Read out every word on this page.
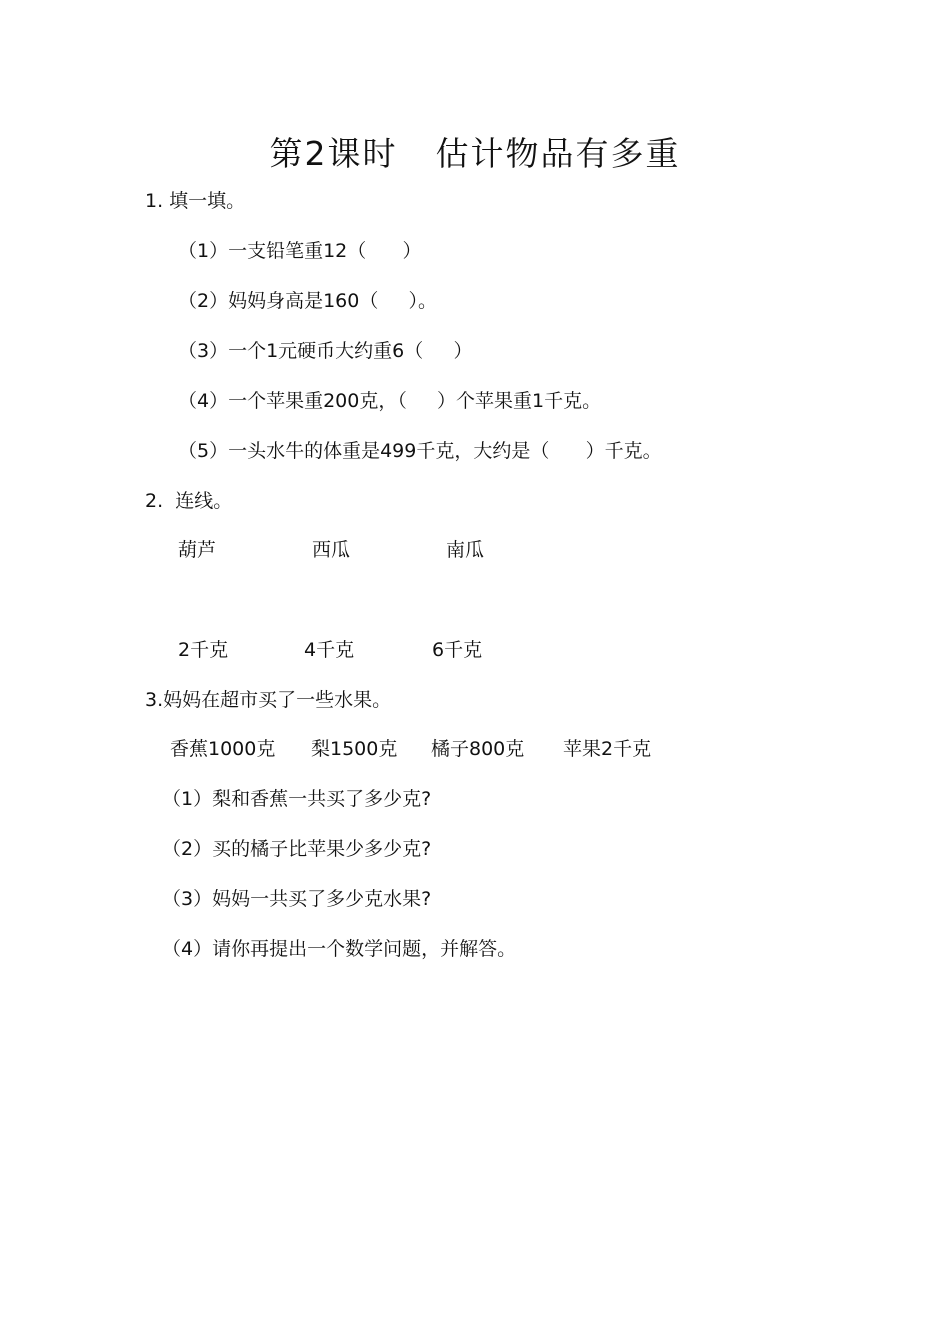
第2课时 估计物品有多重
1. 填一填。
（1）一支铅笔重12（      ）
（2）妈妈身高是160（     ）。
（3）一个1元硬币大约重6（     ）
（4）一个苹果重200克，（     ）个苹果重1千克。
（5）一头水牛的体重是499千克，大约是（      ）千克。
2.  连线。
葫芦	西瓜	南瓜
2千克	4千克	6千克
3.妈妈在超市买了一些水果。
香蕉1000克 梨1500克 橘子800克 苹果2千克
（1）梨和香蕉一共买了多少克?
（2）买的橘子比苹果少多少克?
（3）妈妈一共买了多少克水果?
（4）请你再提出一个数学问题，并解答。
